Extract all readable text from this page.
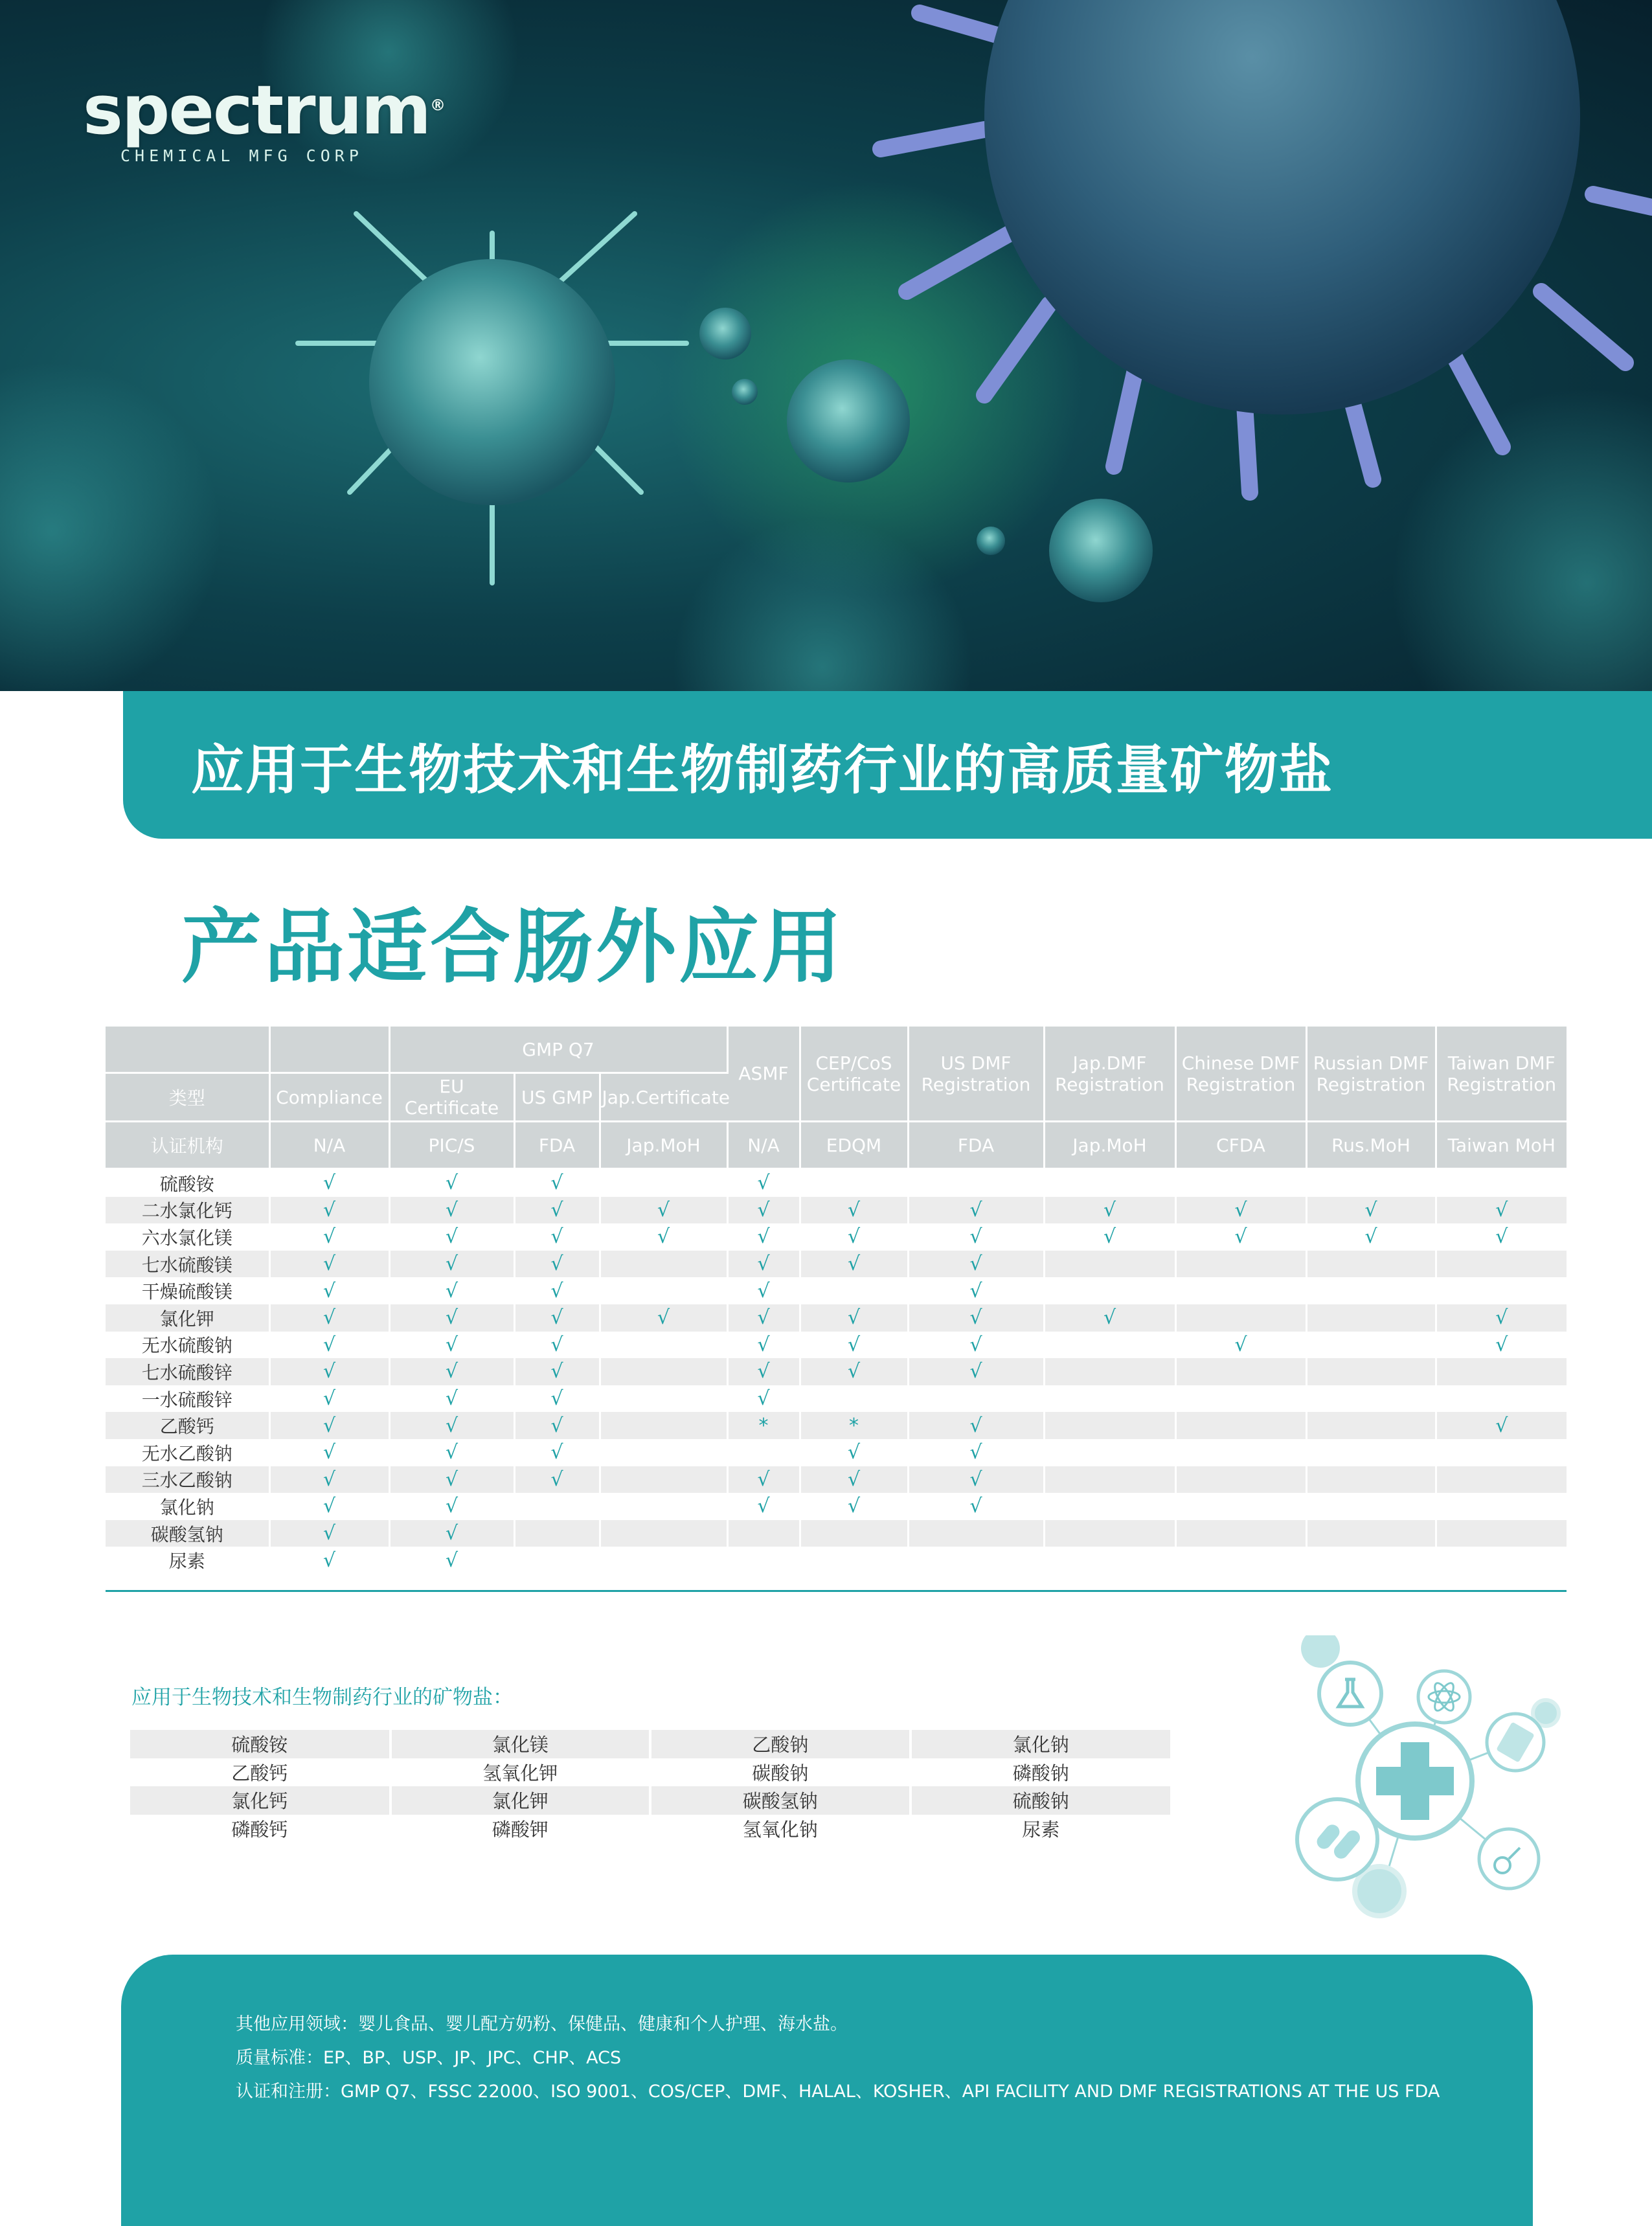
spectrum®
CHEMICAL MFG CORP
应用于生物技术和生物制药行业的高质量矿物盐
产品适合肠外应用
		GMP Q7			ASMF	CEP/CoS Certificate	US DMF Registration	Jap.DMF Registration	Chinese DMF Registration	Russian DMF Registration	Taiwan DMF Registration
类型	Compliance	EU Certificate	US GMP	Jap.Certificate							
认证机构	N/A	PIC/S	FDA	Jap.MoH	N/A	EDQM	FDA	Jap.MoH	CFDA	Rus.MoH	Taiwan MoH
硫酸铵	√	√	√		√						
二水氯化钙	√	√	√	√	√	√	√	√	√	√	√
六水氯化镁	√	√	√	√	√	√	√	√	√	√	√
七水硫酸镁	√	√	√		√	√	√				
干燥硫酸镁	√	√	√		√		√				
氯化钾	√	√	√	√	√	√	√	√			√
无水硫酸钠	√	√	√		√	√	√		√		√
七水硫酸锌	√	√	√		√	√	√				
一水硫酸锌	√	√	√		√						
乙酸钙	√	√	√		*	*	√				√
无水乙酸钠	√	√	√			√	√				
三水乙酸钠	√	√	√		√	√	√				
氯化钠	√	√			√	√	√				
碳酸氢钠	√	√									
尿素	√	√									
应用于生物技术和生物制药行业的矿物盐：
硫酸铵	氯化镁	乙酸钠	氯化钠
乙酸钙	氢氧化钾	碳酸钠	磷酸钠
氯化钙	氯化钾	碳酸氢钠	硫酸钠
磷酸钙	磷酸钾	氢氧化钠	尿素

其他应用领域：婴儿食品、婴儿配方奶粉、保健品、健康和个人护理、海水盐。

质量标准：EP、BP、USP、JP、JPC、CHP、ACS

认证和注册：GMP Q7、FSSC 22000、ISO 9001、COS/CEP、DMF、HALAL、KOSHER、API FACILITY AND DMF REGISTRATIONS AT THE US FDA
